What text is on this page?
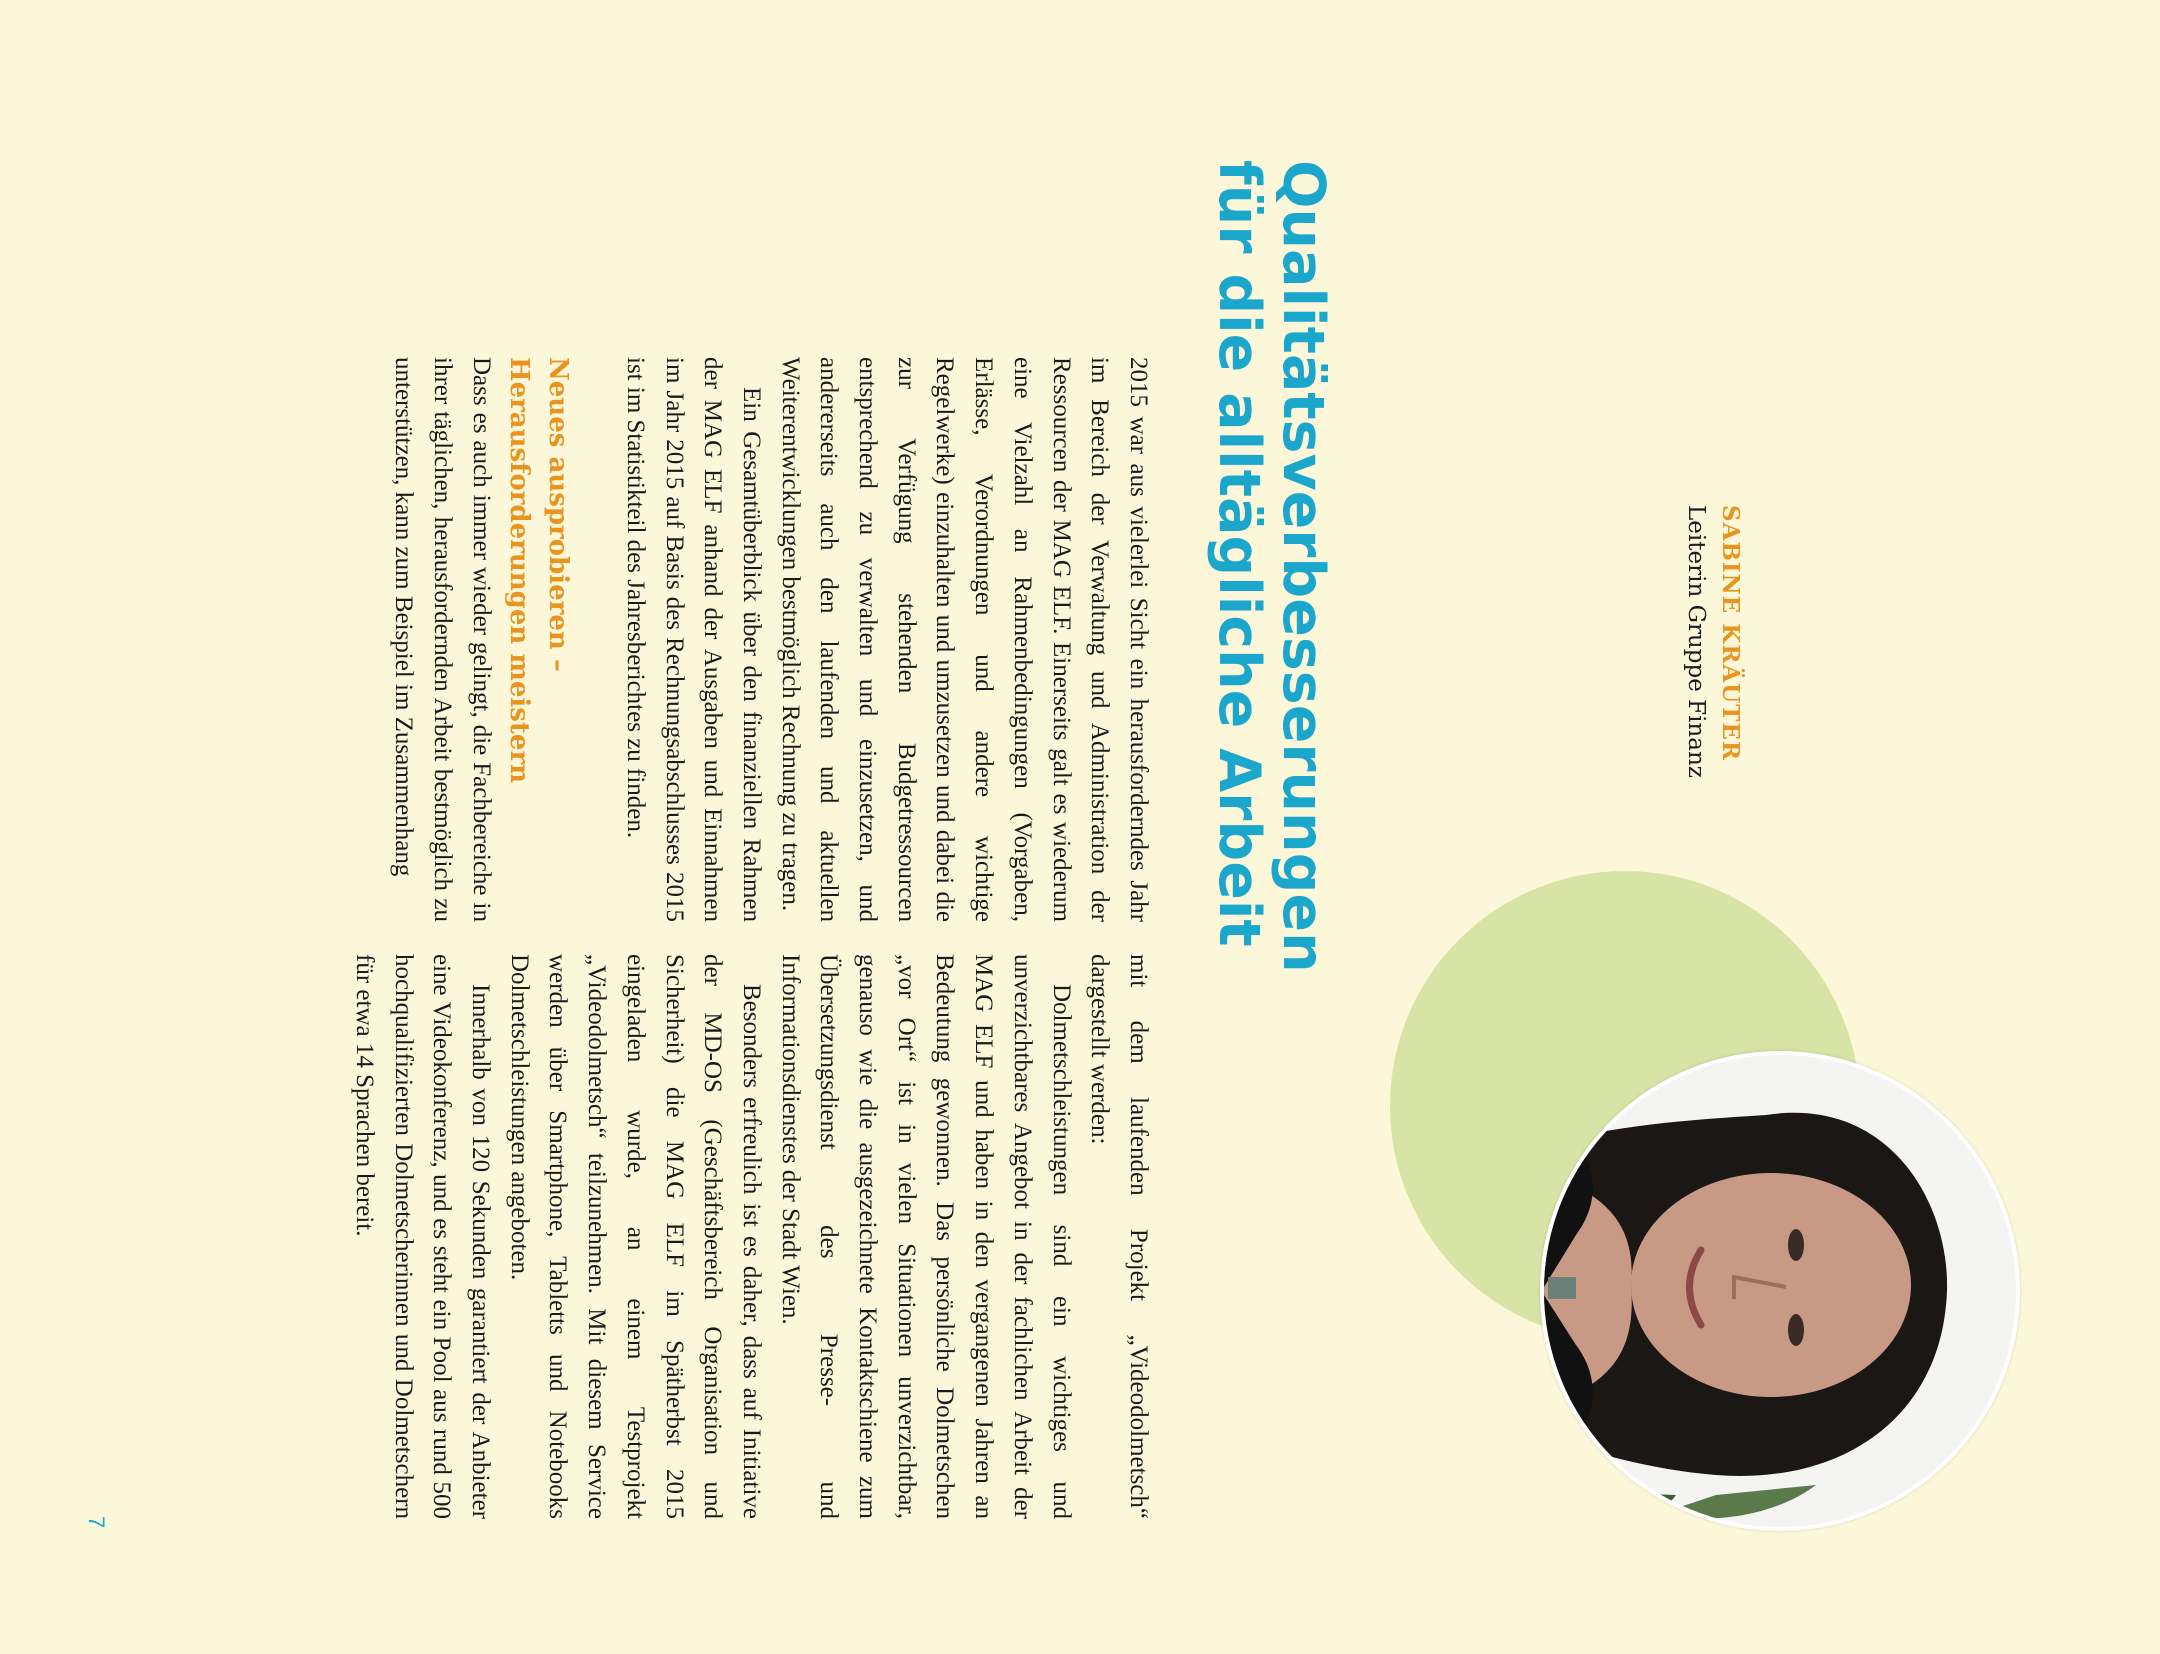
SABINE KRÄUTER
Leiterin Gruppe Finanz
Qualitätsverbesserungen
für die alltägliche Arbeit

2015 war aus vielerlei Sicht ein herausforderndes Jahr im Bereich der Verwaltung und Administration der Ressourcen der MAG ELF. Einerseits galt es wiederum eine Vielzahl an Rahmenbedingungen (Vorgaben, Erlässe, Verordnungen und andere wichtige Regelwerke) einzuhalten und umzusetzen und dabei die zur Verfügung stehenden Budgetressourcen entsprechend zu verwalten und einzusetzen, und andererseits auch den laufenden und aktuellen Weiterentwicklungen bestmöglich Rechnung zu tragen.

Ein Gesamtüberblick über den finanziellen Rahmen der MAG ELF anhand der Ausgaben und Einnahmen im Jahr 2015 auf Basis des Rechnungsabschlusses 2015 ist im Statistikteil des Jahresberichtes zu finden.

Neues ausprobieren – Herausforderungen meistern

Dass es auch immer wieder gelingt, die Fachbereiche in ihrer täglichen, herausfordernden Arbeit bestmöglich zu unterstützen, kann zum Beispiel im Zusammenhang

mit dem laufenden Projekt „Videodolmetsch“ dargestellt werden:

Dolmetschleistungen sind ein wichtiges und unverzichtbares Angebot in der fachlichen Arbeit der MAG ELF und haben in den vergangenen Jahren an Bedeutung gewonnen. Das persönliche Dolmetschen „vor Ort“ ist in vielen Situationen unverzichtbar, genauso wie die ausgezeichnete Kontaktschiene zum Übersetzungsdienst des Presse- und Informationsdienstes der Stadt Wien.

Besonders erfreulich ist es daher, dass auf Initiative der MD-OS (Geschäftsbereich Organisation und Sicherheit) die MAG ELF im Spätherbst 2015 eingeladen wurde, an einem Testprojekt „Videodolmetsch“ teilzunehmen. Mit diesem Service werden über Smartphone, Tabletts und Notebooks Dolmetschleistungen angeboten.

Innerhalb von 120 Sekunden garantiert der Anbieter eine Videokonferenz, und es steht ein Pool aus rund 500 hochqualifizierten Dolmetscherinnen und Dolmetschern für etwa 14 Sprachen bereit.

7
